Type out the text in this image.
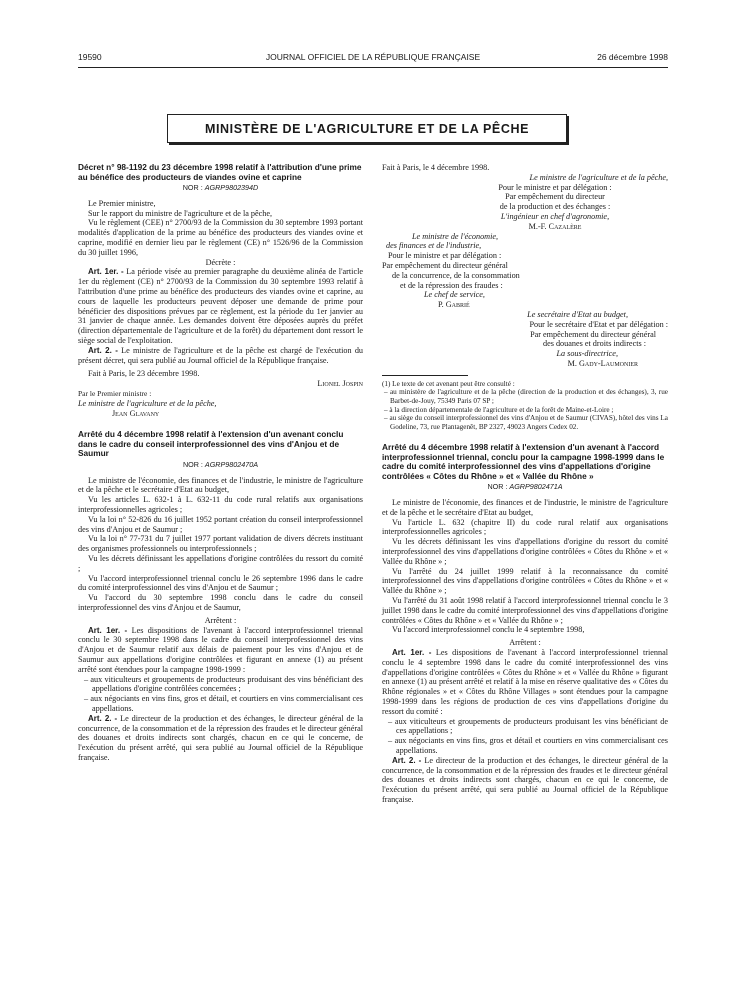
19590	JOURNAL OFFICIEL DE LA RÉPUBLIQUE FRANÇAISE	26 décembre 1998
MINISTÈRE DE L'AGRICULTURE ET DE LA PÊCHE
Décret n° 98-1192 du 23 décembre 1998 relatif à l'attribution d'une prime au bénéfice des producteurs de viandes ovine et caprine
NOR : AGRP9802394D

Le Premier ministre,

Sur le rapport du ministre de l'agriculture et de la pêche,

Vu le règlement (CEE) n° 2700/93 de la Commission du 30 septembre 1993 portant modalités d'application de la prime au bénéfice des producteurs des viandes ovine et caprine, modifié en dernier lieu par le règlement (CE) n° 1526/96 de la Commission du 30 juillet 1996,

Décrète :

Art. 1er. - La période visée au premier paragraphe du deuxième alinéa de l'article 1er du règlement (CE) n° 2700/93 de la Commission du 30 septembre 1993 relatif à l'attribution d'une prime au bénéfice des producteurs des viandes ovine et caprine, au cours de laquelle les producteurs peuvent déposer une demande de prime pour bénéficier des dispositions prévues par ce règlement, est la période du 1er janvier au 31 janvier de chaque année. Les demandes doivent être déposées auprès du préfet (direction départementale de l'agriculture et de la forêt) du département dont ressort le siège social de l'exploitation.

Art. 2. - Le ministre de l'agriculture et de la pêche est chargé de l'exécution du présent décret, qui sera publié au Journal officiel de la République française.

Fait à Paris, le 23 décembre 1998.

Lionel Jospin

Par le Premier ministre :

Le ministre de l'agriculture et de la pêche,

Jean Glavany

Arrêté du 4 décembre 1998 relatif à l'extension d'un avenant conclu dans le cadre du conseil interprofessionnel des vins d'Anjou et de Saumur
NOR : AGRP9802470A

Le ministre de l'économie, des finances et de l'industrie, le ministre de l'agriculture et de la pêche et le secrétaire d'Etat au budget,

Vu les articles L. 632-1 à L. 632-11 du code rural relatifs aux organisations interprofessionnelles agricoles ;

Vu la loi n° 52-826 du 16 juillet 1952 portant création du conseil interprofessionnel des vins d'Anjou et de Saumur ;

Vu la loi n° 77-731 du 7 juillet 1977 portant validation de divers décrets instituant des organismes professionnels ou interprofessionnels ;

Vu les décrets définissant les appellations d'origine contrôlées du ressort du comité ;

Vu l'accord interprofessionnel triennal conclu le 26 septembre 1996 dans le cadre du comité interprofessionnel des vins d'Anjou et de Saumur ;

Vu l'accord du 30 septembre 1998 conclu dans le cadre du conseil interprofessionnel des vins d'Anjou et de Saumur,

Arrêtent :

Art. 1er. - Les dispositions de l'avenant à l'accord interprofessionnel triennal conclu le 30 septembre 1998 dans le cadre du conseil interprofessionnel des vins d'Anjou et de Saumur relatif aux délais de paiement pour les vins d'Anjou et de Saumur aux appellations d'origine contrôlées et figurant en annexe (1) au présent arrêté sont étendues pour la campagne 1998-1999 :

– aux viticulteurs et groupements de producteurs produisant des vins bénéficiant des appellations d'origine contrôlées concernées ;
– aux négociants en vins fins, gros et détail, et courtiers en vins commercialisant ces appellations.

Art. 2. - Le directeur de la production et des échanges, le directeur général de la concurrence, de la consommation et de la répression des fraudes et le directeur général des douanes et droits indirects sont chargés, chacun en ce qui le concerne, de l'exécution du présent arrêté, qui sera publié au Journal officiel de la République française.

Fait à Paris, le 4 décembre 1998.

Le ministre de l'agriculture et de la pêche,

Pour le ministre et par délégation :

Par empêchement du directeur

de la production et des échanges :

L'ingénieur en chef d'agronomie,

M.-F. Cazalère

Le ministre de l'économie,

des finances et de l'industrie,

Pour le ministre et par délégation :

Par empêchement du directeur général

de la concurrence, de la consommation

et de la répression des fraudes :

Le chef de service,

P. Gabrié

Le secrétaire d'Etat au budget,

Pour le secrétaire d'Etat et par délégation :

Par empêchement du directeur général

des douanes et droits indirects :

La sous-directrice,

M. Gady-Laumonier

(1) Le texte de cet avenant peut être consulté :

– au ministère de l'agriculture et de la pêche (direction de la production et des échanges), 3, rue Barbet-de-Jouy, 75349 Paris 07 SP ;
– à la direction départementale de l'agriculture et de la forêt de Maine-et-Loire ;
– au siège du conseil interprofessionnel des vins d'Anjou et de Saumur (CIVAS), hôtel des vins La Godeline, 73, rue Plantagenêt, BP 2327, 49023 Angers Cedex 02.
Arrêté du 4 décembre 1998 relatif à l'extension d'un avenant à l'accord interprofessionnel triennal, conclu pour la campagne 1998-1999 dans le cadre du comité interprofessionnel des vins d'appellations d'origine contrôlées « Côtes du Rhône » et « Vallée du Rhône »
NOR : AGRP9802471A

Le ministre de l'économie, des finances et de l'industrie, le ministre de l'agriculture et de la pêche et le secrétaire d'Etat au budget,

Vu l'article L. 632 (chapitre II) du code rural relatif aux organisations interprofessionnelles agricoles ;

Vu les décrets définissant les vins d'appellations d'origine du ressort du comité interprofessionnel des vins d'appellations d'origine contrôlées « Côtes du Rhône » et « Vallée du Rhône » ;

Vu l'arrêté du 24 juillet 1999 relatif à la reconnaissance du comité interprofessionnel des vins d'appellations d'origine contrôlées « Côtes du Rhône » et « Vallée du Rhône » ;

Vu l'arrêté du 31 août 1998 relatif à l'accord interprofessionnel triennal conclu le 3 juillet 1998 dans le cadre du comité interprofessionnel des vins d'appellations d'origine contrôlées « Côtes du Rhône » et « Vallée du Rhône » ;

Vu l'accord interprofessionnel conclu le 4 septembre 1998,

Arrêtent :

Art. 1er. - Les dispositions de l'avenant à l'accord interprofessionnel triennal conclu le 4 septembre 1998 dans le cadre du comité interprofessionnel des vins d'appellations d'origine contrôlées « Côtes du Rhône » et « Vallée du Rhône » figurant en annexe (1) au présent arrêté et relatif à la mise en réserve qualitative des « Côtes du Rhône régionales » et « Côtes du Rhône Villages » sont étendues pour la campagne 1998-1999 dans les régions de production de ces vins d'appellations d'origine du ressort du comité :

– aux viticulteurs et groupements de producteurs produisant les vins bénéficiant de ces appellations ;
– aux négociants en vins fins, gros et détail et courtiers en vins commercialisant ces appellations.

Art. 2. - Le directeur de la production et des échanges, le directeur général de la concurrence, de la consommation et de la répression des fraudes et le directeur général des douanes et droits indirects sont chargés, chacun en ce qui le concerne, de l'exécution du présent arrêté, qui sera publié au Journal officiel de la République française.
